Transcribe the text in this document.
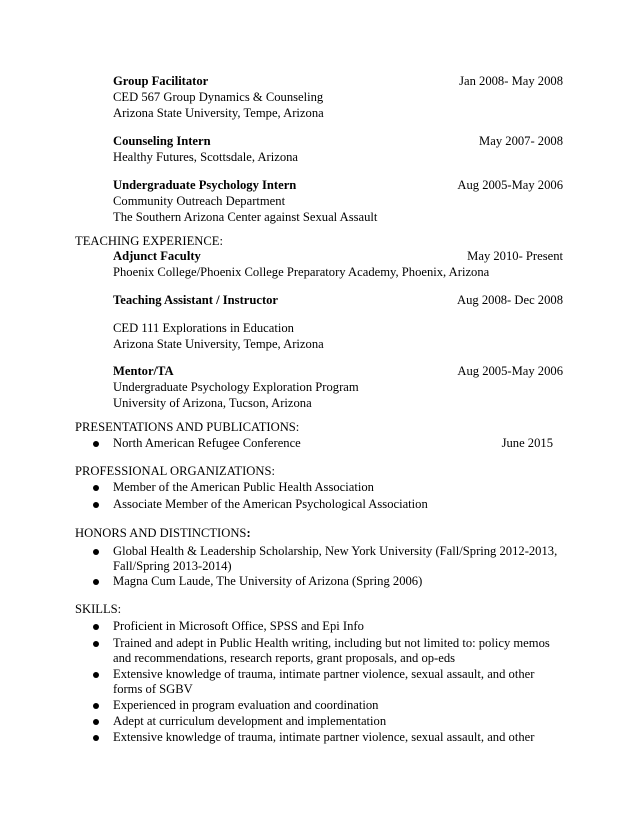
Group Facilitator	Jan 2008- May 2008
CED 567 Group Dynamics & Counseling
Arizona State University, Tempe, Arizona
Counseling Intern	May 2007- 2008
Healthy Futures, Scottsdale, Arizona
Undergraduate Psychology Intern	Aug 2005-May 2006
Community Outreach Department
The Southern Arizona Center against Sexual Assault
TEACHING EXPERIENCE:
Adjunct Faculty	May 2010- Present
Phoenix College/Phoenix College Preparatory Academy, Phoenix, Arizona
Teaching Assistant / Instructor	Aug 2008- Dec 2008
CED 111 Explorations in Education
Arizona State University, Tempe, Arizona
Mentor/TA	Aug 2005-May 2006
Undergraduate Psychology Exploration Program
University of Arizona, Tucson, Arizona
PRESENTATIONS AND PUBLICATIONS:
North American Refugee Conference	June 2015
PROFESSIONAL ORGANIZATIONS:
Member of the American Public Health Association
Associate Member of the American Psychological Association
HONORS AND DISTINCTIONS:
Global Health & Leadership Scholarship, New York University (Fall/Spring 2012-2013,
Fall/Spring 2013-2014)
Magna Cum Laude, The University of Arizona (Spring 2006)
SKILLS:
Proficient in Microsoft Office, SPSS and Epi Info
Trained and adept in Public Health writing, including but not limited to: policy memos
and recommendations, research reports, grant proposals, and op-eds
Extensive knowledge of trauma, intimate partner violence, sexual assault, and other
forms of SGBV
Experienced in program evaluation and coordination
Adept at curriculum development and implementation
Extensive knowledge of trauma, intimate partner violence, sexual assault, and other
